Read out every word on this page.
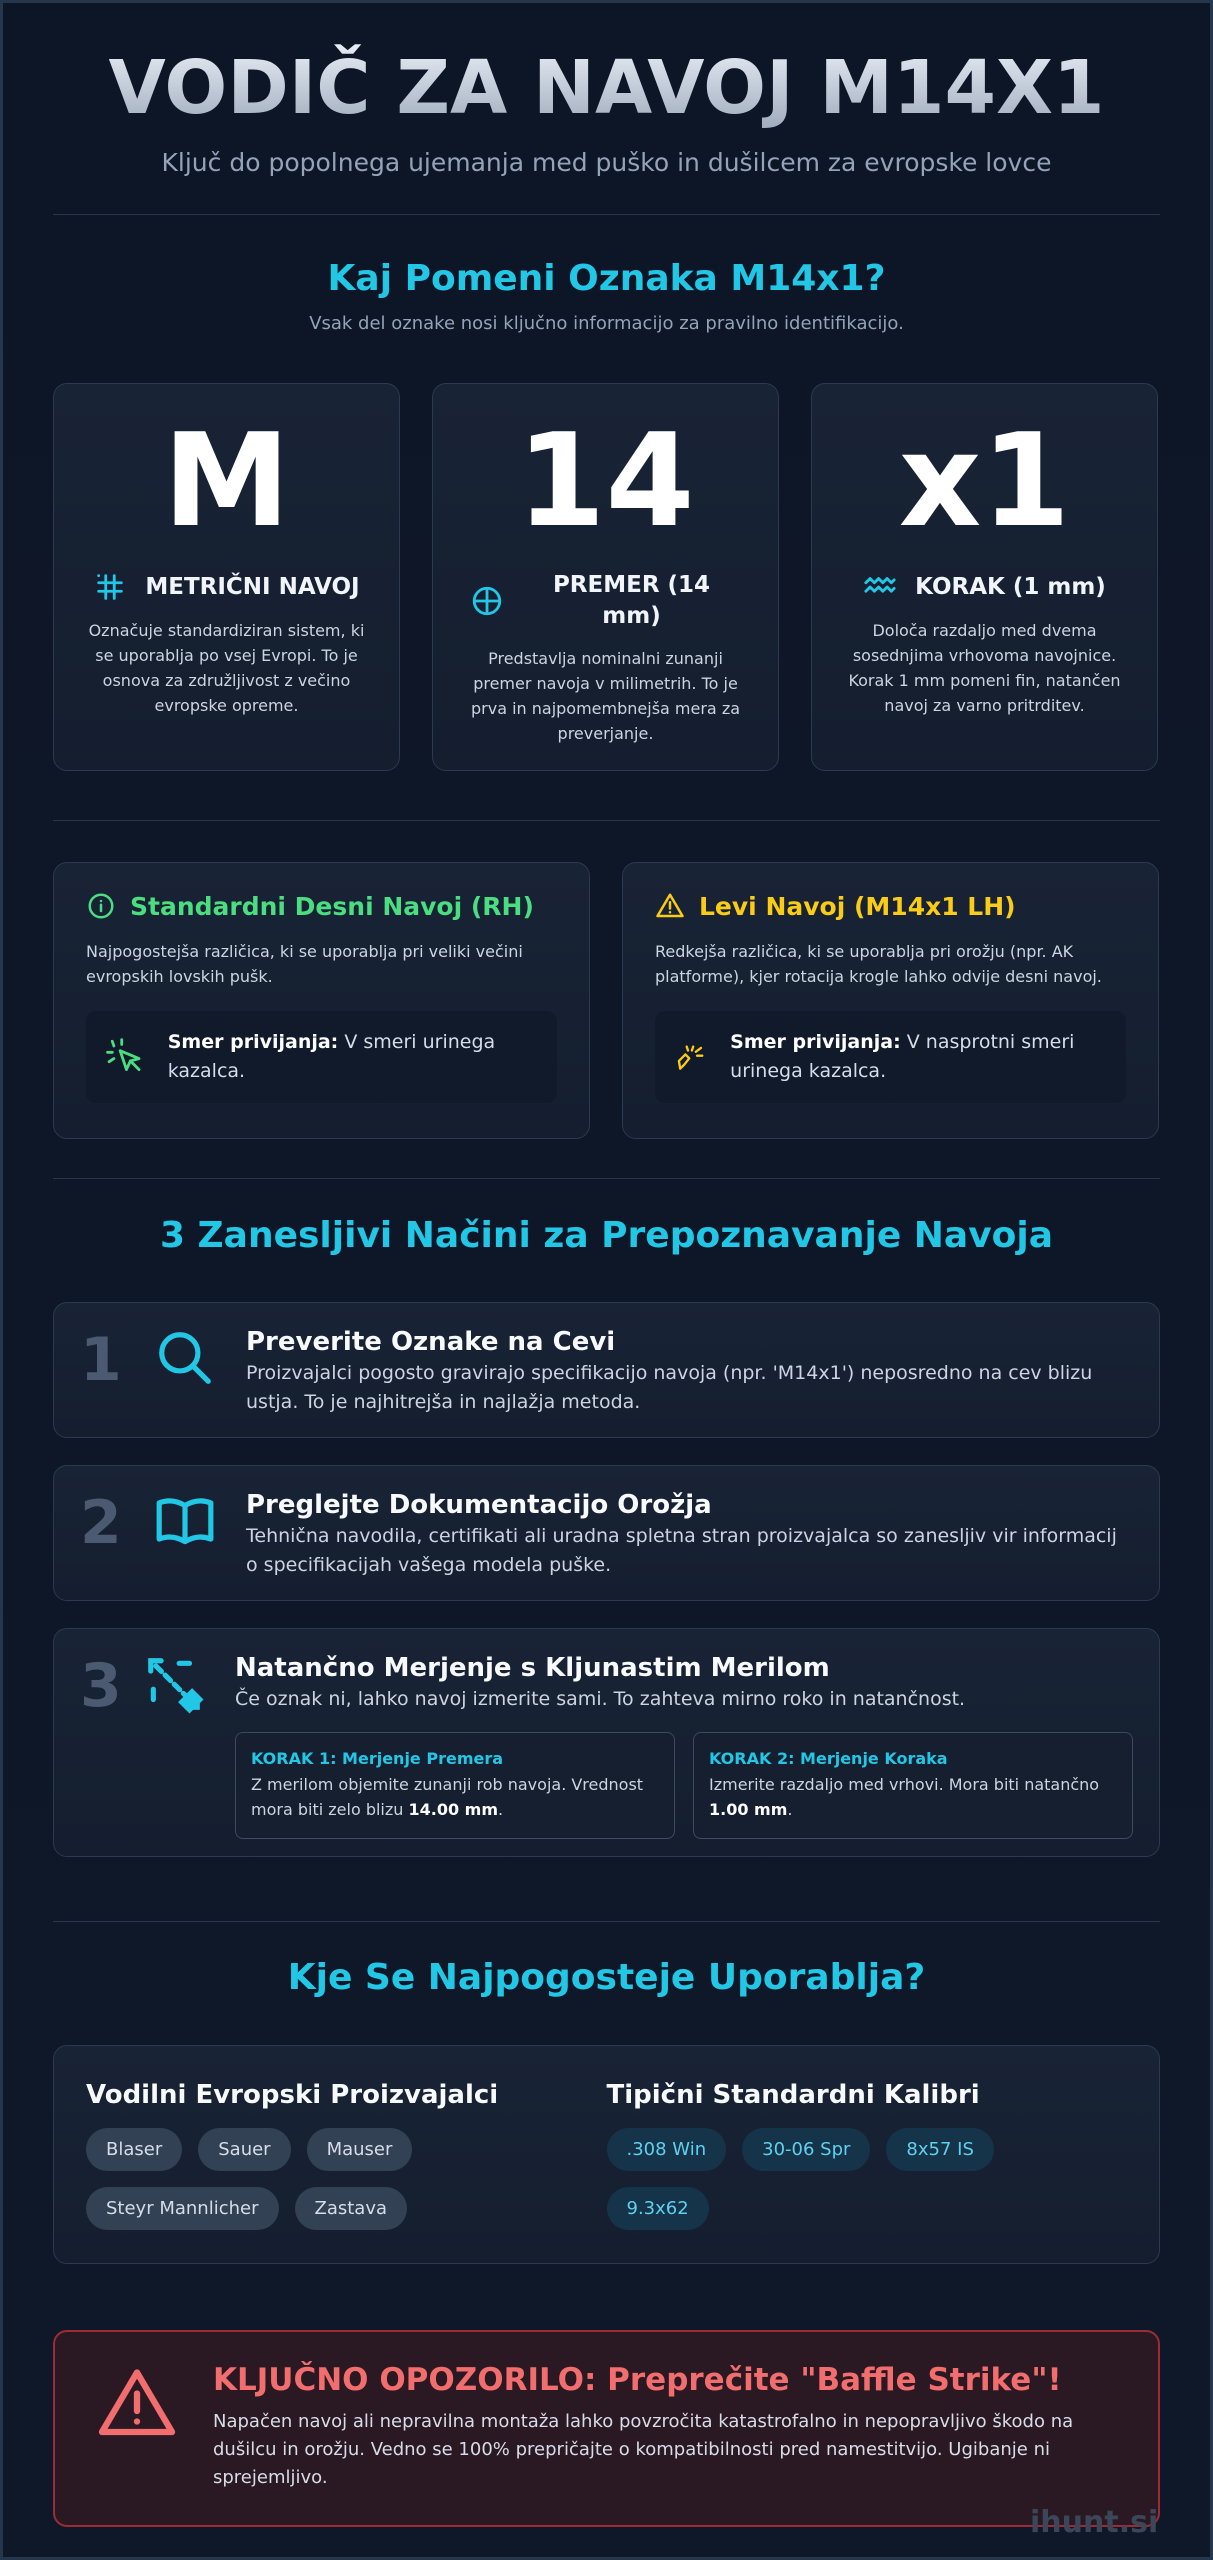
VODIČ ZA NAVOJ M14X1
Ključ do popolnega ujemanja med puško in dušilcem za evropske lovce
Kaj Pomeni Oznaka M14x1?
Vsak del oznake nosi ključno informacijo za pravilno identifikacijo.
M
METRIČNI NAVOJ
Označuje standardiziran sistem, ki se uporablja po vsej Evropi. To je osnova za združljivost z večino evropske opreme.
14
PREMER (14 mm)
Predstavlja nominalni zunanji premer navoja v milimetrih. To je prva in najpomembnejša mera za preverjanje.
x1
KORAK (1 mm)
Določa razdaljo med dvema sosednjima vrhovoma navojnice. Korak 1 mm pomeni fin, natančen navoj za varno pritrditev.
Standardni Desni Navoj (RH)
Najpogostejša različica, ki se uporablja pri veliki večini evropskih lovskih pušk.
Smer privijanja: V smeri urinega kazalca.
Levi Navoj (M14x1 LH)
Redkejša različica, ki se uporablja pri orožju (npr. AK platforme), kjer rotacija krogle lahko odvije desni navoj.
Smer privijanja: V nasprotni smeri urinega kazalca.
3 Zanesljivi Načini za Prepoznavanje Navoja
1	Preverite Oznake na Cevi
Proizvajalci pogosto gravirajo specifikacijo navoja (npr. 'M14x1') neposredno na cev blizu ustja. To je najhitrejša in najlažja metoda.
2	Preglejte Dokumentacijo Orožja
Tehnična navodila, certifikati ali uradna spletna stran proizvajalca so zanesljiv vir informacij o specifikacijah vašega modela puške.
3	Natančno Merjenje s Kljunastim Merilom
Če oznak ni, lahko navoj izmerite sami. To zahteva mirno roko in natančnost.
KORAK 1: Merjenje Premera
Z merilom objemite zunanji rob navoja. Vrednost mora biti zelo blizu 14.00 mm.
KORAK 2: Merjenje Koraka
Izmerite razdaljo med vrhovi. Mora biti natančno 1.00 mm.
Kje Se Najpogosteje Uporablja?
Vodilni Evropski Proizvajalci
Blaser	Sauer	Mauser
Steyr Mannlicher	Zastava
Tipični Standardni Kalibri
.308 Win	30-06 Spr	8x57 IS
9.3x62
KLJUČNO OPOZORILO: Preprečite "Baffle Strike"!
Napačen navoj ali nepravilna montaža lahko povzročita katastrofalno in nepopravljivo škodo na dušilcu in orožju. Vedno se 100% prepričajte o kompatibilnosti pred namestitvijo. Ugibanje ni sprejemljivo.
ihunt.si
